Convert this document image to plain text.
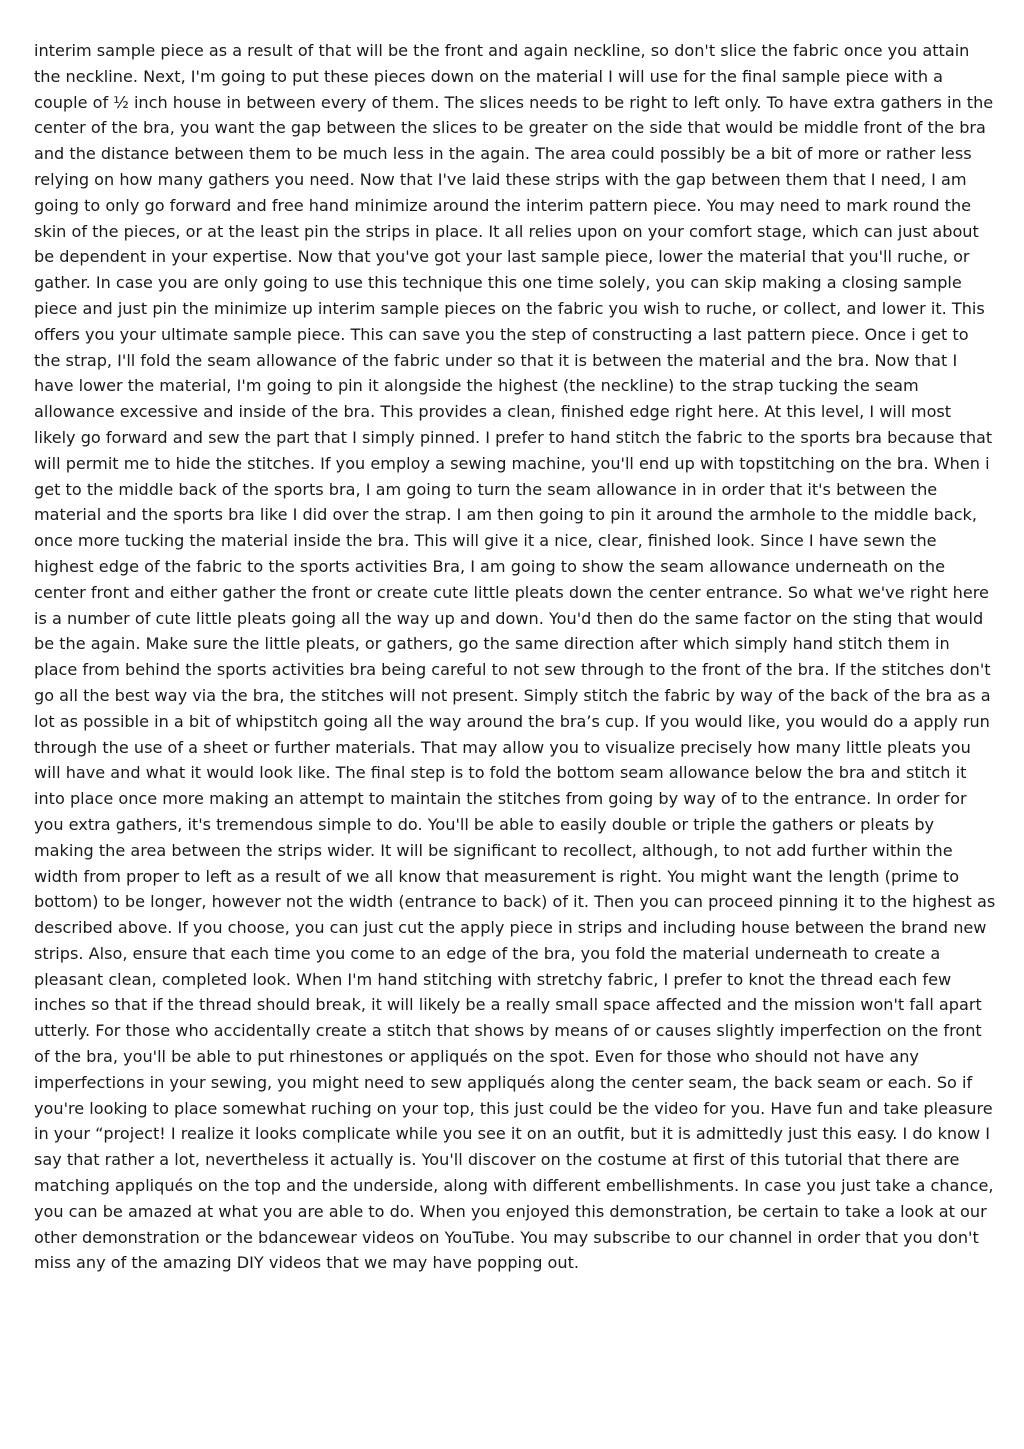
interim sample piece as a result of that will be the front and again neckline, so don't slice the fabric once you attain the neckline. Next, I'm going to put these pieces down on the material I will use for the final sample piece with a couple of ½ inch house in between every of them. The slices needs to be right to left only. To have extra gathers in the center of the bra, you want the gap between the slices to be greater on the side that would be middle front of the bra and the distance between them to be much less in the again. The area could possibly be a bit of more or rather less relying on how many gathers you need. Now that I've laid these strips with the gap between them that I need, I am going to only go forward and free hand minimize around the interim pattern piece. You may need to mark round the skin of the pieces, or at the least pin the strips in place. It all relies upon on your comfort stage, which can just about be dependent in your expertise. Now that you've got your last sample piece, lower the material that you'll ruche, or gather. In case you are only going to use this technique this one time solely, you can skip making a closing sample piece and just pin the minimize up interim sample pieces on the fabric you wish to ruche, or collect, and lower it. This offers you your ultimate sample piece. This can save you the step of constructing a last pattern piece. Once i get to the strap, I'll fold the seam allowance of the fabric under so that it is between the material and the bra. Now that I have lower the material, I'm going to pin it alongside the highest (the neckline) to the strap tucking the seam allowance excessive and inside of the bra. This provides a clean, finished edge right here. At this level, I will most likely go forward and sew the part that I simply pinned. I prefer to hand stitch the fabric to the sports bra because that will permit me to hide the stitches. If you employ a sewing machine, you'll end up with topstitching on the bra. When i get to the middle back of the sports bra, I am going to turn the seam allowance in in order that it's between the material and the sports bra like I did over the strap. I am then going to pin it around the armhole to the middle back, once more tucking the material inside the bra. This will give it a nice, clear, finished look. Since I have sewn the highest edge of the fabric to the sports activities Bra, I am going to show the seam allowance underneath on the center front and either gather the front or create cute little pleats down the center entrance. So what we've right here is a number of cute little pleats going all the way up and down. You'd then do the same factor on the sting that would be the again. Make sure the little pleats, or gathers, go the same direction after which simply hand stitch them in place from behind the sports activities bra being careful to not sew through to the front of the bra. If the stitches don't go all the best way via the bra, the stitches will not present. Simply stitch the fabric by way of the back of the bra as a lot as possible in a bit of whipstitch going all the way around the bra’s cup. If you would like, you would do a apply run through the use of a sheet or further materials. That may allow you to visualize precisely how many little pleats you will have and what it would look like. The final step is to fold the bottom seam allowance below the bra and stitch it into place once more making an attempt to maintain the stitches from going by way of to the entrance. In order for you extra gathers, it's tremendous simple to do. You'll be able to easily double or triple the gathers or pleats by making the area between the strips wider. It will be significant to recollect, although, to not add further within the width from proper to left as a result of we all know that measurement is right. You might want the length (prime to bottom) to be longer, however not the width (entrance to back) of it. Then you can proceed pinning it to the highest as described above. If you choose, you can just cut the apply piece in strips and including house between the brand new strips. Also, ensure that each time you come to an edge of the bra, you fold the material underneath to create a pleasant clean, completed look. When I'm hand stitching with stretchy fabric, I prefer to knot the thread each few inches so that if the thread should break, it will likely be a really small space affected and the mission won't fall apart utterly. For those who accidentally create a stitch that shows by means of or causes slightly imperfection on the front of the bra, you'll be able to put rhinestones or appliqués on the spot. Even for those who should not have any imperfections in your sewing, you might need to sew appliqués along the center seam, the back seam or each. So if you're looking to place somewhat ruching on your top, this just could be the video for you. Have fun and take pleasure in your “project! I realize it looks complicate while you see it on an outfit, but it is admittedly just this easy. I do know I say that rather a lot, nevertheless it actually is. You'll discover on the costume at first of this tutorial that there are matching appliqués on the top and the underside, along with different embellishments. In case you just take a chance, you can be amazed at what you are able to do. When you enjoyed this demonstration, be certain to take a look at our other demonstration or the bdancewear videos on YouTube. You may subscribe to our channel in order that you don't miss any of the amazing DIY videos that we may have popping out.
